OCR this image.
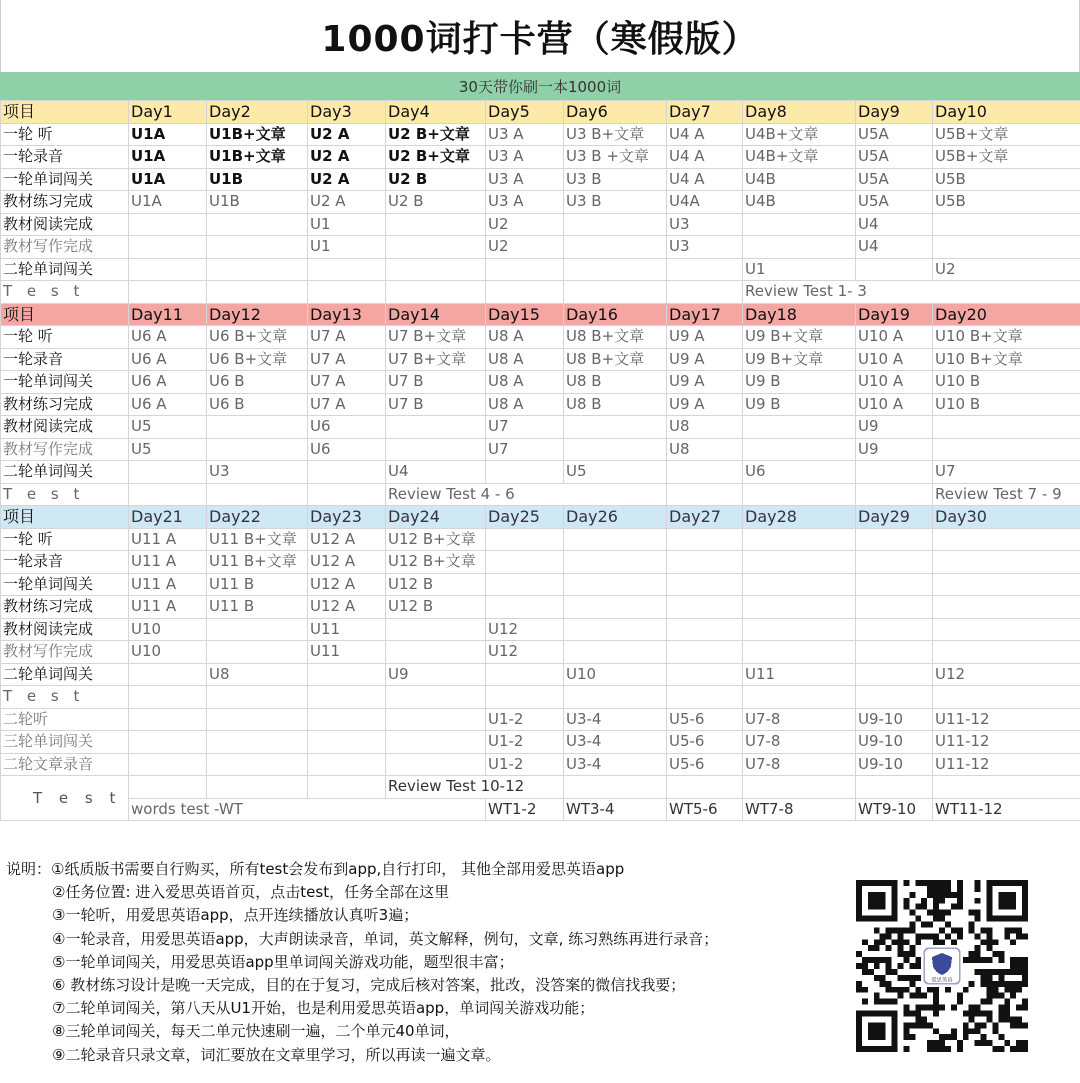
1000词打卡营（寒假版）
30天带你刷一本1000词
项目	Day1	Day2	Day3	Day4	Day5	Day6	Day7	Day8	Day9	Day10
一轮 听	U1A	U1B+文章	U2 A	U2 B+文章	U3 A	U3 B+文章	U4 A	U4B+文章	U5A	U5B+文章
一轮录音	U1A	U1B+文章	U2 A	U2 B+文章	U3 A	U3 B +文章	U4 A	U4B+文章	U5A	U5B+文章
一轮单词闯关	U1A	U1B	U2 A	U2 B	U3 A	U3 B	U4 A	U4B	U5A	U5B
教材练习完成	U1A	U1B	U2 A	U2 B	U3 A	U3 B	U4A	U4B	U5A	U5B
教材阅读完成			U1		U2		U3		U4	
教材写作完成			U1		U2		U3		U4	
二轮单词闯关								U1		U2
T e s t								Review Test 1- 3		
项目	Day11	Day12	Day13	Day14	Day15	Day16	Day17	Day18	Day19	Day20
一轮 听	U6 A	U6 B+文章	U7 A	U7 B+文章	U8 A	U8 B+文章	U9 A	U9 B+文章	U10 A	U10 B+文章
一轮录音	U6 A	U6 B+文章	U7 A	U7 B+文章	U8 A	U8 B+文章	U9 A	U9 B+文章	U10 A	U10 B+文章
一轮单词闯关	U6 A	U6 B	U7 A	U7 B	U8 A	U8 B	U9 A	U9 B	U10 A	U10 B
教材练习完成	U6 A	U6 B	U7 A	U7 B	U8 A	U8 B	U9 A	U9 B	U10 A	U10 B
教材阅读完成	U5		U6		U7		U8		U9	
教材写作完成	U5		U6		U7		U8		U9	
二轮单词闯关		U3		U4		U5		U6		U7
T e s t				Review Test 4 - 6						Review Test 7 - 9
项目	Day21	Day22	Day23	Day24	Day25	Day26	Day27	Day28	Day29	Day30
一轮 听	U11 A	U11 B+文章	U12 A	U12 B+文章						
一轮录音	U11 A	U11 B+文章	U12 A	U12 B+文章						
一轮单词闯关	U11 A	U11 B	U12 A	U12 B						
教材练习完成	U11 A	U11 B	U12 A	U12 B						
教材阅读完成	U10		U11		U12					
教材写作完成	U10		U11		U12					
二轮单词闯关		U8		U9		U10		U11		U12
T e s t										
二轮听					U1-2	U3-4	U5-6	U7-8	U9-10	U11-12
三轮单词闯关					U1-2	U3-4	U5-6	U7-8	U9-10	U11-12
二轮文章录音					U1-2	U3-4	U5-6	U7-8	U9-10	U11-12
T e s t				Review Test 10-12						
	words test -WT				WT1-2	WT3-4	WT5-6	WT7-8	WT9-10	WT11-12
说明：①纸质版书需要自行购买，所有test会发布到app,自行打印， 其他全部用爱思英语app
②任务位置: 进入爱思英语首页，点击test，任务全部在这里
③一轮听，用爱思英语app，点开连续播放认真听3遍；
④一轮录音，用爱思英语app，大声朗读录音，单词，英文解释，例句，文章, 练习熟练再进行录音；
⑤一轮单词闯关，用爱思英语app里单词闯关游戏功能，题型很丰富；
⑥ 教材练习设计是晚一天完成，目的在于复习，完成后核对答案，批改，没答案的微信找我要；
⑦二轮单词闯关，第八天从U1开始，也是利用爱思英语app，单词闯关游戏功能；
⑧三轮单词闯关，每天二单元快速刷一遍，二个单元40单词，
⑨二轮录音只录文章，词汇要放在文章里学习，所以再读一遍文章。
